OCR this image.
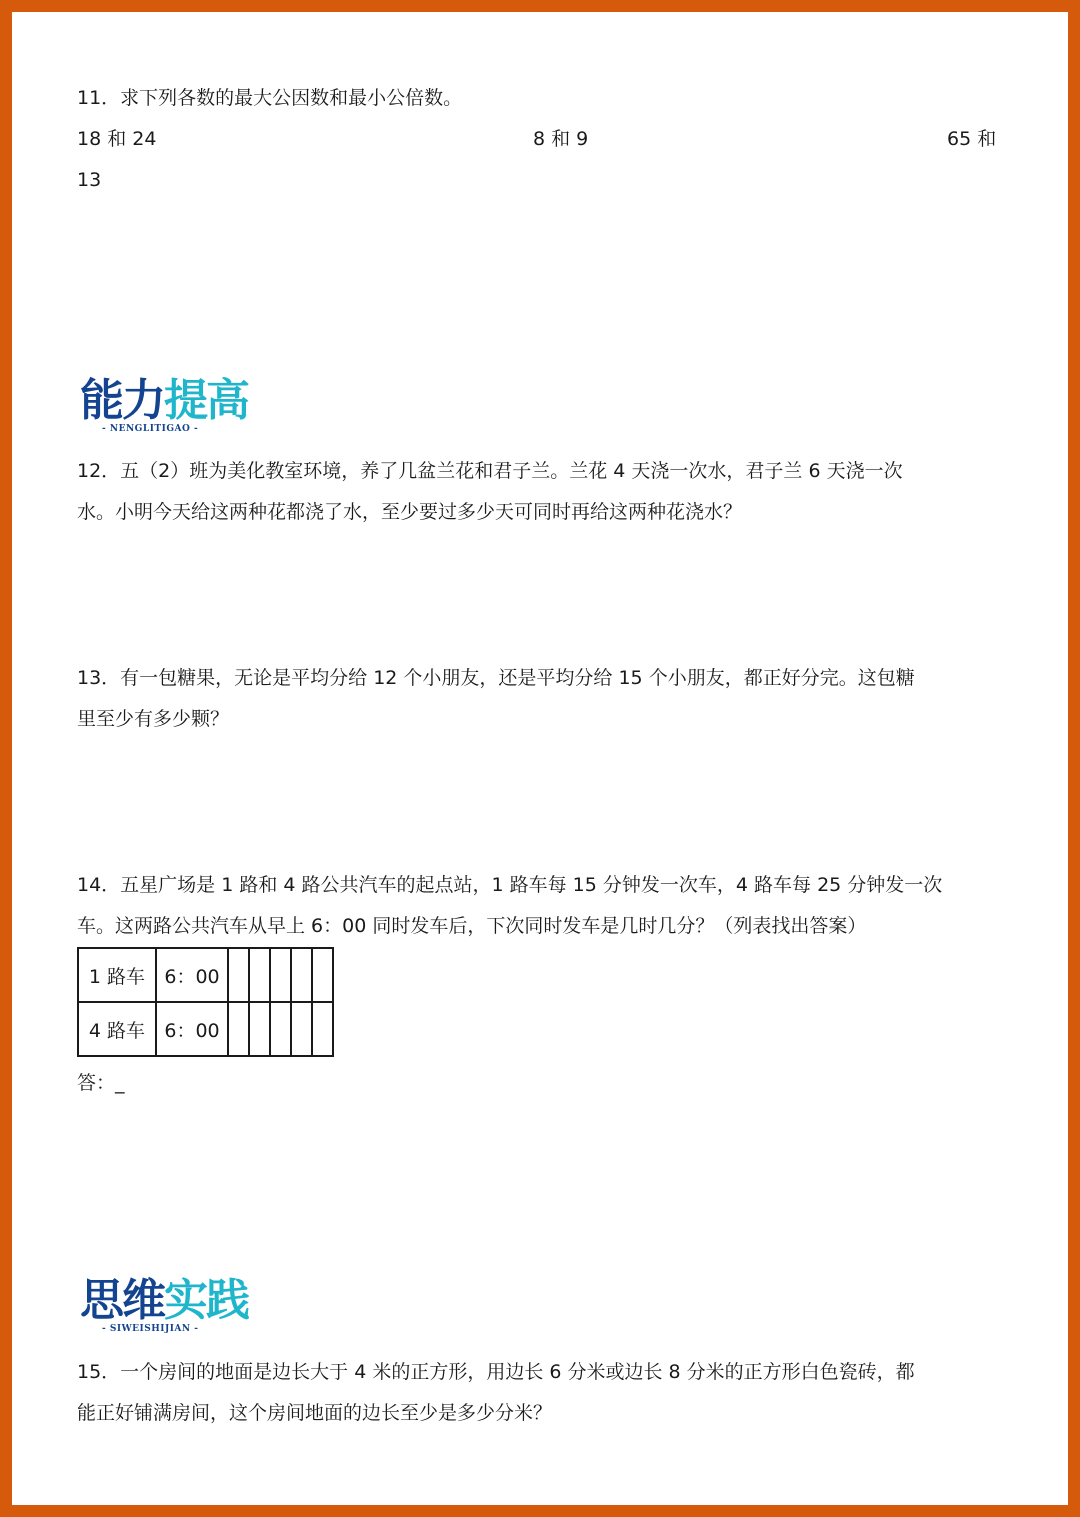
11．求下列各数的最大公因数和最小公倍数。
18 和 24	8 和 9	65 和
13
能力提高
- NENGLITIGAO -
12．五（2）班为美化教室环境，养了几盆兰花和君子兰。兰花 4 天浇一次水，君子兰 6 天浇一次
水。小明今天给这两种花都浇了水，至少要过多少天可同时再给这两种花浇水？
13．有一包糖果，无论是平均分给 12 个小朋友，还是平均分给 15 个小朋友，都正好分完。这包糖
里至少有多少颗？
14．五星广场是 1 路和 4 路公共汽车的起点站，1 路车每 15 分钟发一次车，4 路车每 25 分钟发一次
车。这两路公共汽车从早上 6：00 同时发车后，下次同时发车是几时几分？（列表找出答案）
1 路车	6：00					
4 路车	6：00					
答：_
思维实践
- SIWEISHIJIAN -
15．一个房间的地面是边长大于 4 米的正方形，用边长 6 分米或边长 8 分米的正方形白色瓷砖，都
能正好铺满房间，这个房间地面的边长至少是多少分米？
